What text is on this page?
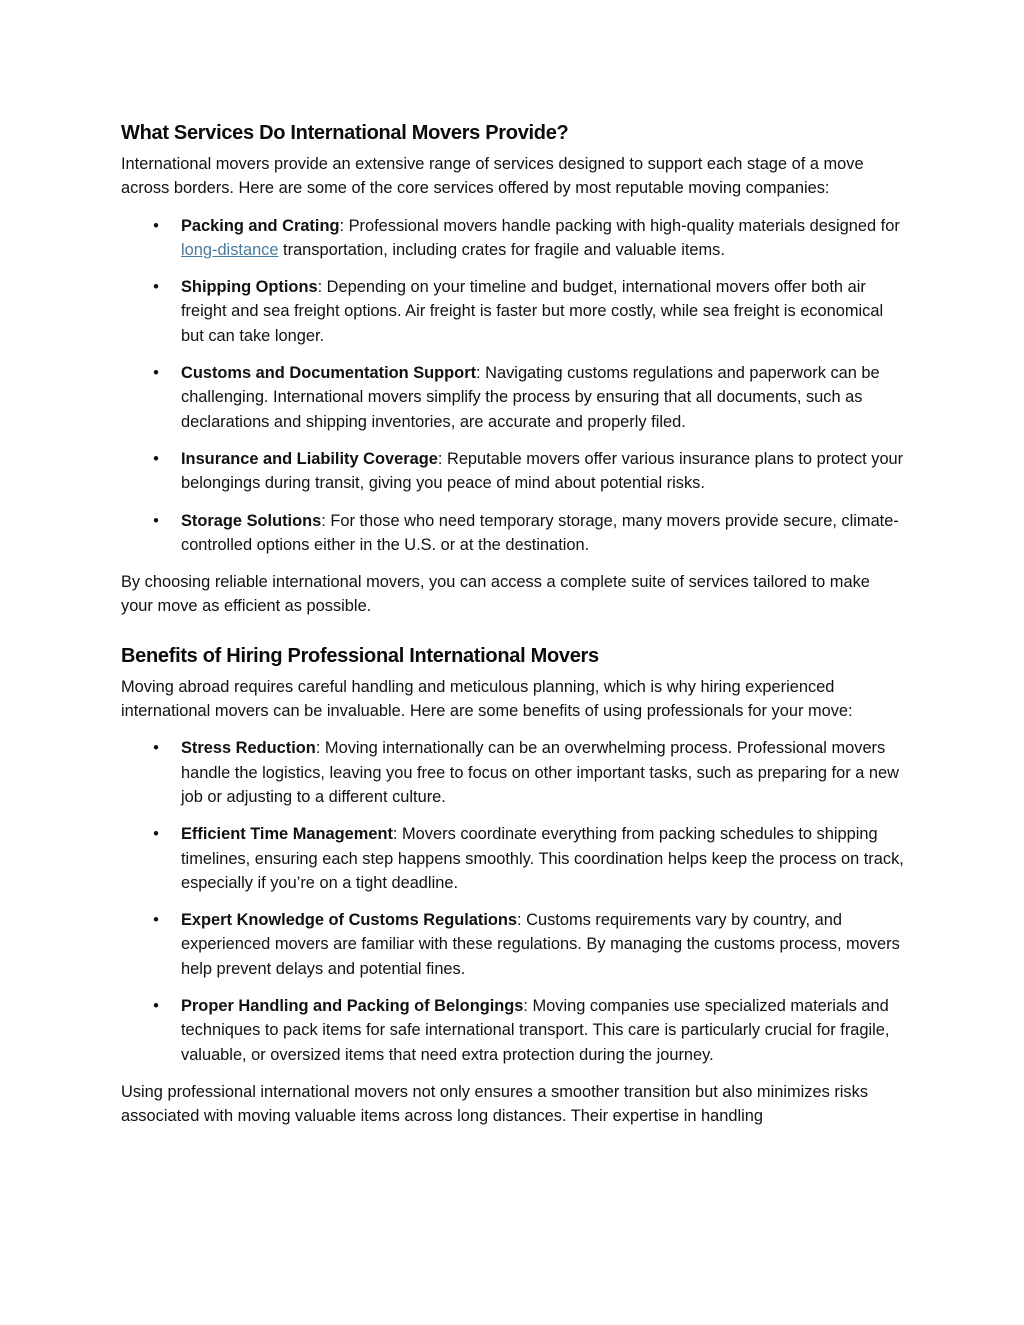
What Services Do International Movers Provide?

International movers provide an extensive range of services designed to support each stage of a move across borders. Here are some of the core services offered by most reputable moving companies:

• Packing and Crating: Professional movers handle packing with high-quality materials designed for long-distance transportation, including crates for fragile and valuable items.
• Shipping Options: Depending on your timeline and budget, international movers offer both air freight and sea freight options. Air freight is faster but more costly, while sea freight is economical but can take longer.
• Customs and Documentation Support: Navigating customs regulations and paperwork can be challenging. International movers simplify the process by ensuring that all documents, such as declarations and shipping inventories, are accurate and properly filed.
• Insurance and Liability Coverage: Reputable movers offer various insurance plans to protect your belongings during transit, giving you peace of mind about potential risks.
• Storage Solutions: For those who need temporary storage, many movers provide secure, climate-controlled options either in the U.S. or at the destination.

By choosing reliable international movers, you can access a complete suite of services tailored to make your move as efficient as possible.

Benefits of Hiring Professional International Movers

Moving abroad requires careful handling and meticulous planning, which is why hiring experienced international movers can be invaluable. Here are some benefits of using professionals for your move:

• Stress Reduction: Moving internationally can be an overwhelming process. Professional movers handle the logistics, leaving you free to focus on other important tasks, such as preparing for a new job or adjusting to a different culture.
• Efficient Time Management: Movers coordinate everything from packing schedules to shipping timelines, ensuring each step happens smoothly. This coordination helps keep the process on track, especially if you’re on a tight deadline.
• Expert Knowledge of Customs Regulations: Customs requirements vary by country, and experienced movers are familiar with these regulations. By managing the customs process, movers help prevent delays and potential fines.
• Proper Handling and Packing of Belongings: Moving companies use specialized materials and techniques to pack items for safe international transport. This care is particularly crucial for fragile, valuable, or oversized items that need extra protection during the journey.

Using professional international movers not only ensures a smoother transition but also minimizes risks associated with moving valuable items across long distances. Their expertise in handling
